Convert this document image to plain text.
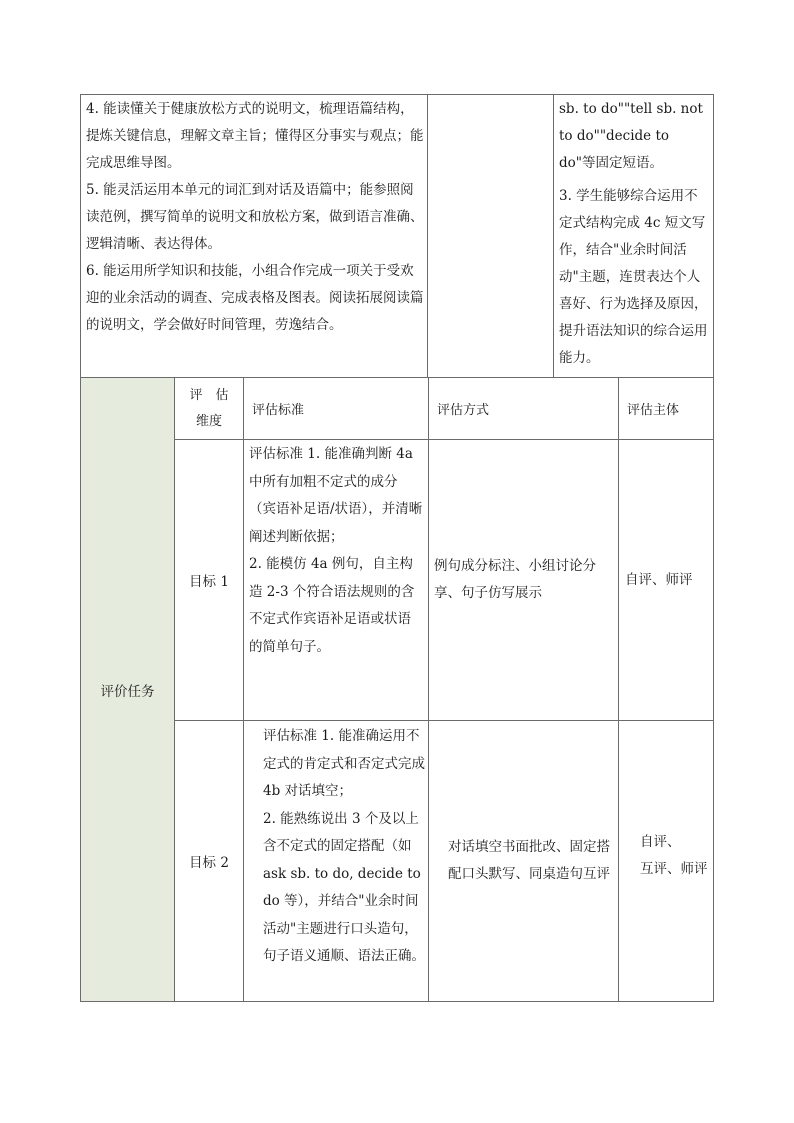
4. 能读懂关于健康放松方式的说明文，梳理语篇结构，提炼关键信息，理解文章主旨；懂得区分事实与观点；能完成思维导图。

5. 能灵活运用本单元的词汇到对话及语篇中；能参照阅读范例，撰写简单的说明文和放松方案，做到语言准确、逻辑清晰、表达得体。

6. 能运用所学知识和技能，小组合作完成一项关于受欢迎的业余活动的调查、完成表格及图表。阅读拓展阅读篇的说明文，学会做好时间管理，劳逸结合。

sb. to do""tell sb. not to do""decide to do"等固定短语。

3. 学生能够综合运用不定式结构完成 4c 短文写作，结合"业余时间活动"主题，连贯表达个人喜好、行为选择及原因，提升语法知识的综合运用能力。

评价任务
评　估
维度
评估标准	评估方式	评估主体
目标 1

评估标准 1. 能准确判断 4a 中所有加粗不定式的成分（宾语补足语/状语），并清晰阐述判断依据；

2. 能模仿 4a 例句，自主构造 2-3 个符合语法规则的含不定式作宾语补足语或状语的简单句子。

例句成分标注、小组讨论分享、句子仿写展示

自评、师评

目标 2

评估标准 1. 能准确运用不定式的肯定式和否定式完成 4b 对话填空；

2. 能熟练说出 3 个及以上含不定式的固定搭配（如 ask sb. to do, decide to do 等），并结合"业余时间活动"主题进行口头造句，句子语义通顺、语法正确。

对话填空书面批改、固定搭配口头默写、同桌造句互评

自评、

互评、师评
